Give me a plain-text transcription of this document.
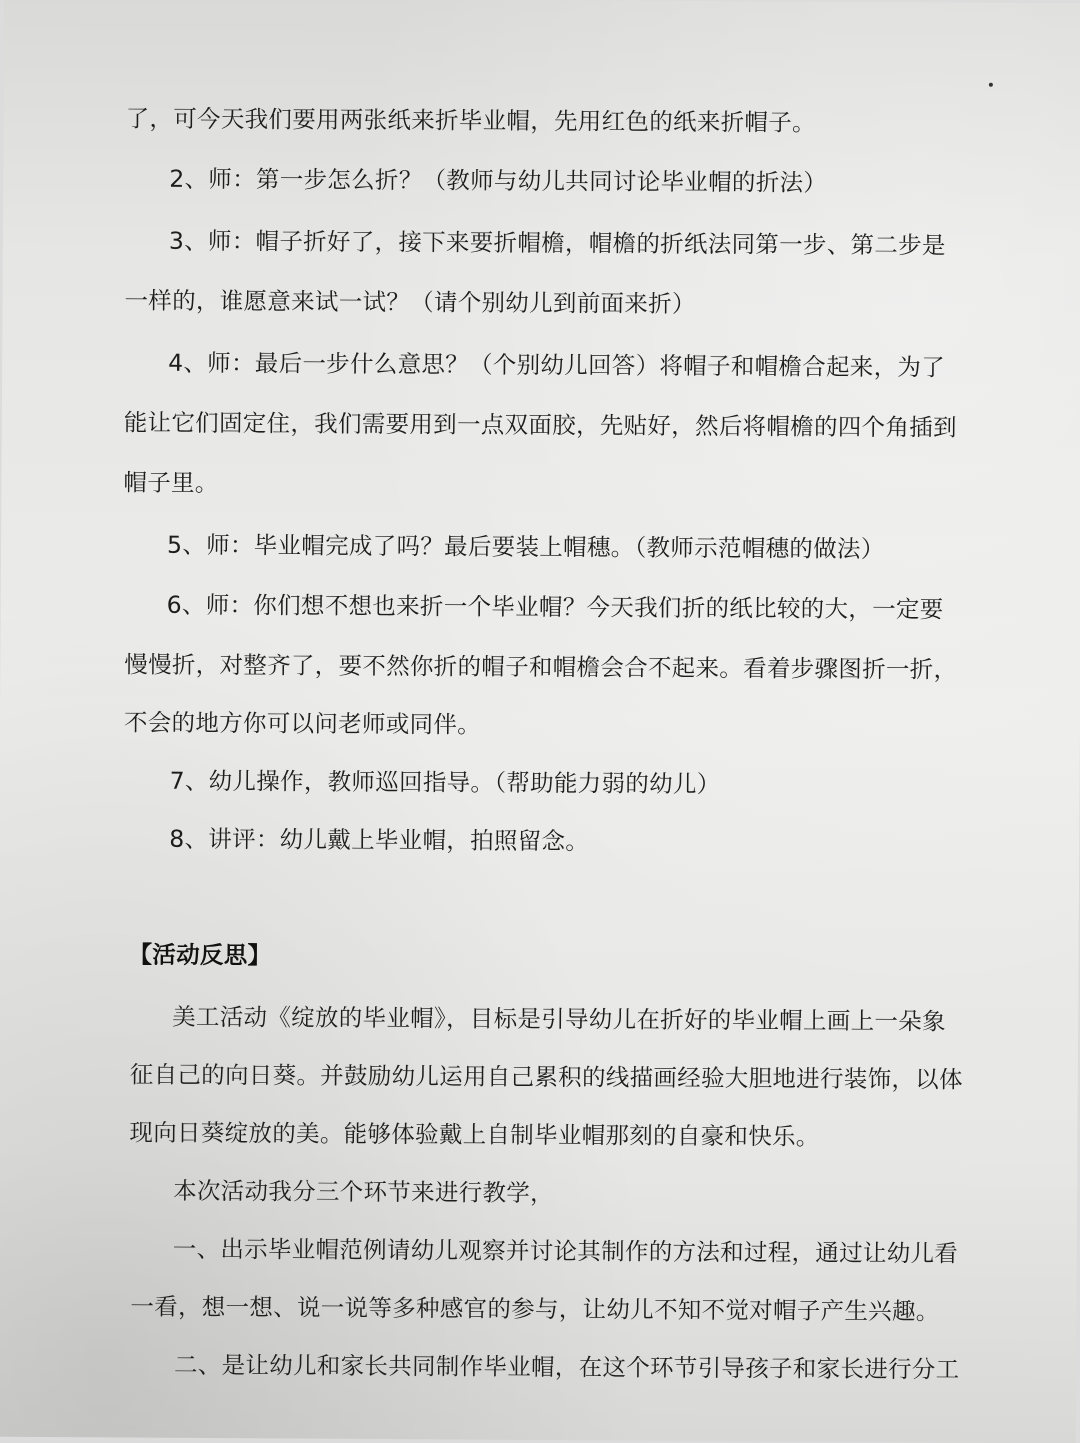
了，可今天我们要用两张纸来折毕业帽，先用红色的纸来折帽子。
2、师：第一步怎么折？（教师与幼儿共同讨论毕业帽的折法）
3、师：帽子折好了，接下来要折帽檐，帽檐的折纸法同第一步、第二步是
一样的，谁愿意来试一试？（请个别幼儿到前面来折）
4、师：最后一步什么意思？（个别幼儿回答）将帽子和帽檐合起来，为了
能让它们固定住，我们需要用到一点双面胶，先贴好，然后将帽檐的四个角插到
帽子里。
5、师：毕业帽完成了吗？最后要装上帽穗。（教师示范帽穗的做法）
6、师：你们想不想也来折一个毕业帽？今天我们折的纸比较的大，一定要
慢慢折，对整齐了，要不然你折的帽子和帽檐会合不起来。看着步骤图折一折，
不会的地方你可以问老师或同伴。
7、幼儿操作，教师巡回指导。（帮助能力弱的幼儿）
8、讲评：幼儿戴上毕业帽，拍照留念。
【活动反思】
美工活动《绽放的毕业帽》，目标是引导幼儿在折好的毕业帽上画上一朵象
征自己的向日葵。并鼓励幼儿运用自己累积的线描画经验大胆地进行装饰，以体
现向日葵绽放的美。能够体验戴上自制毕业帽那刻的自豪和快乐。
本次活动我分三个环节来进行教学，
一、出示毕业帽范例请幼儿观察并讨论其制作的方法和过程，通过让幼儿看
一看，想一想、说一说等多种感官的参与，让幼儿不知不觉对帽子产生兴趣。
二、是让幼儿和家长共同制作毕业帽，在这个环节引导孩子和家长进行分工
